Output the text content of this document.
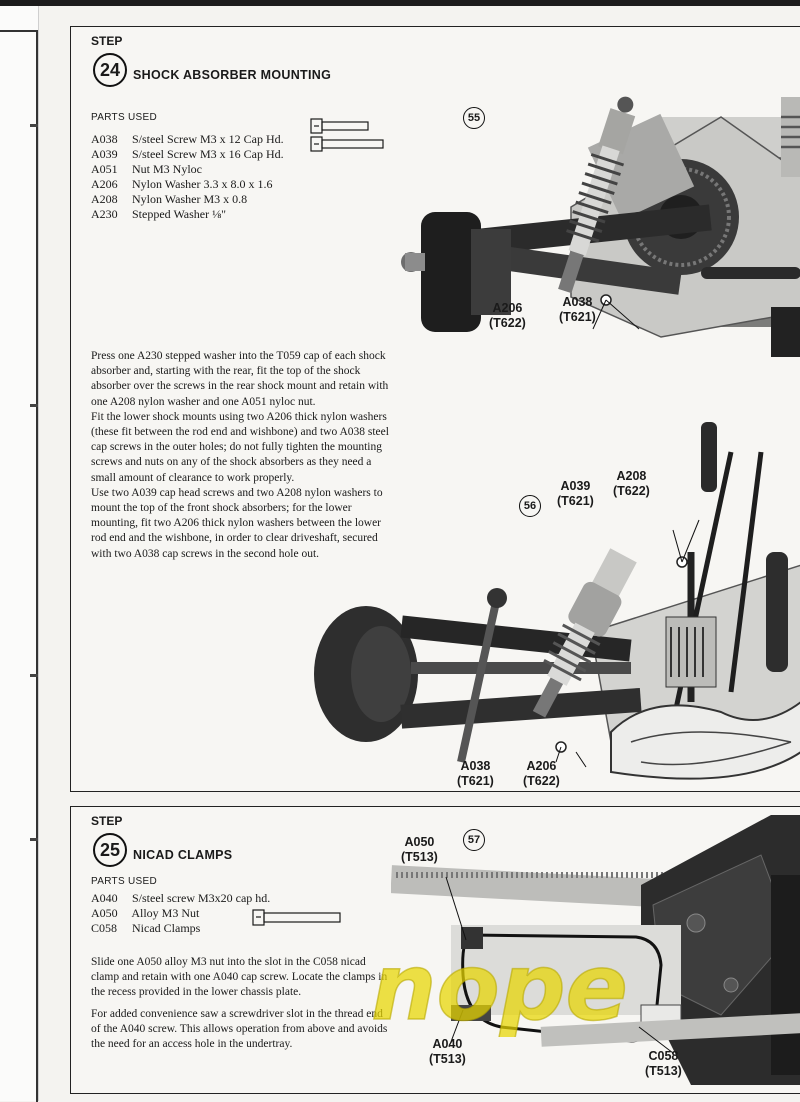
STEP
24	SHOCK ABSORBER MOUNTING
PARTS USED
A038 S/steel Screw M3 x 12 Cap Hd.
A039 S/steel Screw M3 x 16 Cap Hd.
A051 Nut M3 Nyloc
A206 Nylon Washer 3.3 x 8.0 x 1.6
A208 Nylon Washer M3 x 0.8
A230 Stepped Washer ⅛"

Press one A230 stepped washer into the T059 cap of each shock absorber and, starting with the rear, fit the top of the shock absorber over the screws in the rear shock mount and retain with one A208 nylon washer and one A051 nyloc nut.

Fit the lower shock mounts using two A206 thick nylon washers (these fit between the rod end and wishbone) and two A038 steel cap screws in the outer holes; do not fully tighten the mounting screws and nuts on any of the shock absorbers as they need a small amount of clearance to work properly.

Use two A039 cap head screws and two A208 nylon washers to mount the top of the front shock absorbers; for the lower mounting, fit two A206 thick nylon washers between the lower rod end and the wishbone, in order to clear driveshaft, secured with two A038 cap screws in the second hole out.

55
A206
(T622)
A038
(T621)
56
A039
(T621)
A208
(T622)
A038
(T621)
A206
(T622)
STEP
25	NICAD CLAMPS
PARTS USED
A040 S/steel screw M3x20 cap hd.
A050 Alloy M3 Nut
C058 Nicad Clamps

Slide one A050 alloy M3 nut into the slot in the C058 nicad clamp and retain with one A040 cap screw. Locate the clamps in the recess provided in the lower chassis plate.

For added convenience saw a screwdriver slot in the thread end of the A040 screw. This allows operation from above and avoids the need for an access hole in the undertray.

nope
57
A050
(T513)
A040
(T513)	C058
(T513)
